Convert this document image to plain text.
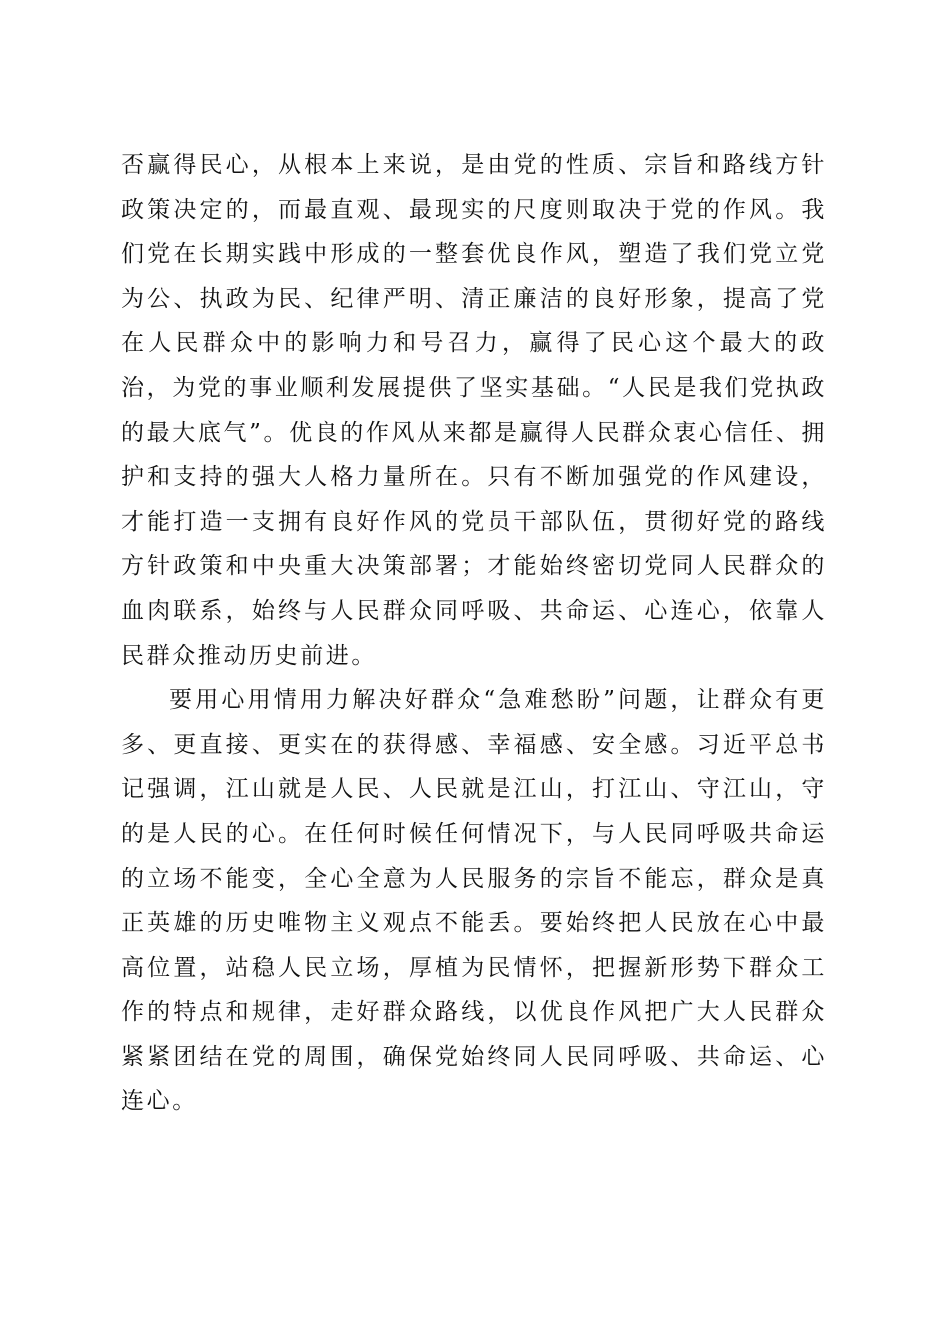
否赢得民心，从根本上来说，是由党的性质、宗旨和路线方针政策决定的，而最直观、最现实的尺度则取决于党的作风。我们党在长期实践中形成的一整套优良作风，塑造了我们党立党为公、执政为民、纪律严明、清正廉洁的良好形象，提高了党在人民群众中的影响力和号召力，赢得了民心这个最大的政治，为党的事业顺利发展提供了坚实基础。“人民是我们党执政的最大底气”。优良的作风从来都是赢得人民群众衷心信任、拥护和支持的强大人格力量所在。只有不断加强党的作风建设，才能打造一支拥有良好作风的党员干部队伍，贯彻好党的路线方针政策和中央重大决策部署；才能始终密切党同人民群众的血肉联系，始终与人民群众同呼吸、共命运、心连心，依靠人民群众推动历史前进。

要用心用情用力解决好群众“急难愁盼”问题，让群众有更多、更直接、更实在的获得感、幸福感、安全感。习近平总书记强调，江山就是人民、人民就是江山，打江山、守江山，守的是人民的心。在任何时候任何情况下，与人民同呼吸共命运的立场不能变，全心全意为人民服务的宗旨不能忘，群众是真正英雄的历史唯物主义观点不能丢。要始终把人民放在心中最高位置，站稳人民立场，厚植为民情怀，把握新形势下群众工作的特点和规律，走好群众路线，以优良作风把广大人民群众紧紧团结在党的周围，确保党始终同人民同呼吸、共命运、心连心。
